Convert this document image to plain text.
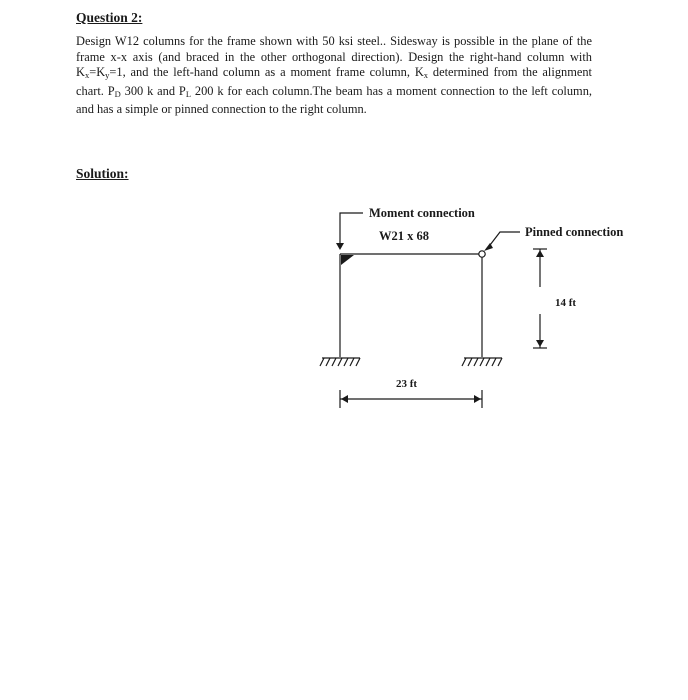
Question 2:

Design W12 columns for the frame shown with 50 ksi steel.. Sidesway is possible in the plane of the frame x-x axis (and braced in the other orthogonal direction). Design the right-hand column with $K_x=K_y=1$, and the left-hand column as a moment frame column, $K_x$ determined from the alignment chart. $P_D$ 300 k and $P_L$ 200 k for each column.The beam has a moment connection to the left column, and has a simple or pinned connection to the right column.

Solution:

Moment connection
W21 x 68	Pinned connection
14 ft
23 ft
